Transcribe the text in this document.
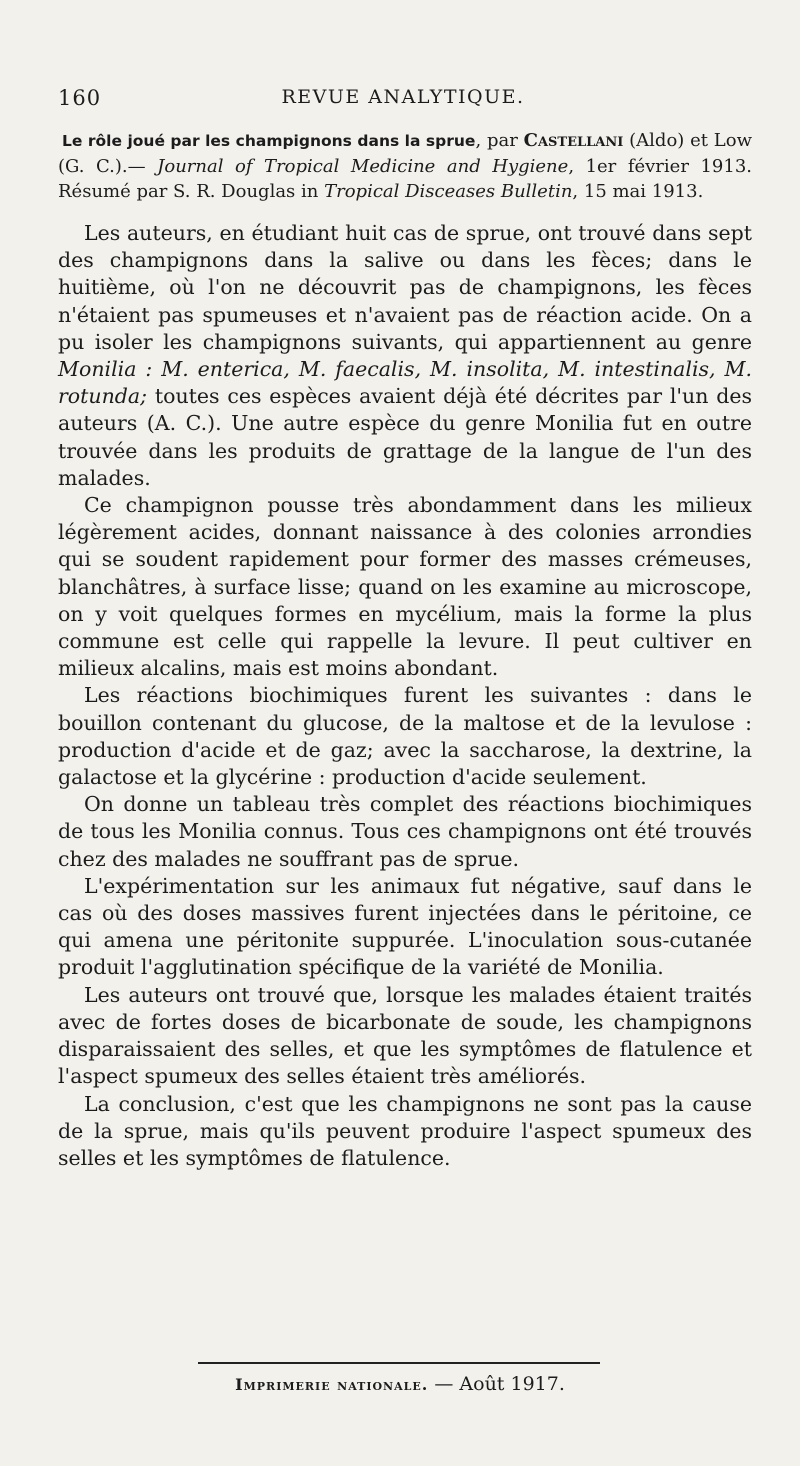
160	REVUE ANALYTIQUE.
Le rôle joué par les champignons dans la sprue, par Castellani (Aldo) et Low (G. C.).— Journal of Tropical Medicine and Hygiene, 1er février 1913. Résumé par S. R. Douglas in Tropical Disceases Bulletin, 15 mai 1913.

Les auteurs, en étudiant huit cas de sprue, ont trouvé dans sept des champignons dans la salive ou dans les fèces; dans le huitième, où l'on ne découvrit pas de champignons, les fèces n'étaient pas spumeuses et n'avaient pas de réaction acide. On a pu isoler les champignons suivants, qui appartiennent au genre Monilia : M. enterica, M. faecalis, M. insolita, M. intestinalis, M. rotunda; toutes ces espèces avaient déjà été décrites par l'un des auteurs (A. C.). Une autre espèce du genre Monilia fut en outre trouvée dans les produits de grattage de la langue de l'un des malades.

Ce champignon pousse très abondamment dans les milieux légèrement acides, donnant naissance à des colonies arrondies qui se soudent rapidement pour former des masses crémeuses, blanchâtres, à surface lisse; quand on les examine au microscope, on y voit quelques formes en mycélium, mais la forme la plus commune est celle qui rappelle la levure. Il peut cultiver en milieux alcalins, mais est moins abondant.

Les réactions biochimiques furent les suivantes : dans le bouillon contenant du glucose, de la maltose et de la levulose : production d'acide et de gaz; avec la saccharose, la dextrine, la galactose et la glycérine : production d'acide seulement.

On donne un tableau très complet des réactions biochimiques de tous les Monilia connus. Tous ces champignons ont été trouvés chez des malades ne souffrant pas de sprue.

L'expérimentation sur les animaux fut négative, sauf dans le cas où des doses massives furent injectées dans le péritoine, ce qui amena une péritonite suppurée. L'inoculation sous-cutanée produit l'agglutination spécifique de la variété de Monilia.

Les auteurs ont trouvé que, lorsque les malades étaient traités avec de fortes doses de bicarbonate de soude, les champignons disparaissaient des selles, et que les symptômes de flatulence et l'aspect spumeux des selles étaient très améliorés.

La conclusion, c'est que les champignons ne sont pas la cause de la sprue, mais qu'ils peuvent produire l'aspect spumeux des selles et les symptômes de flatulence.

Imprimerie nationale. — Août 1917.
